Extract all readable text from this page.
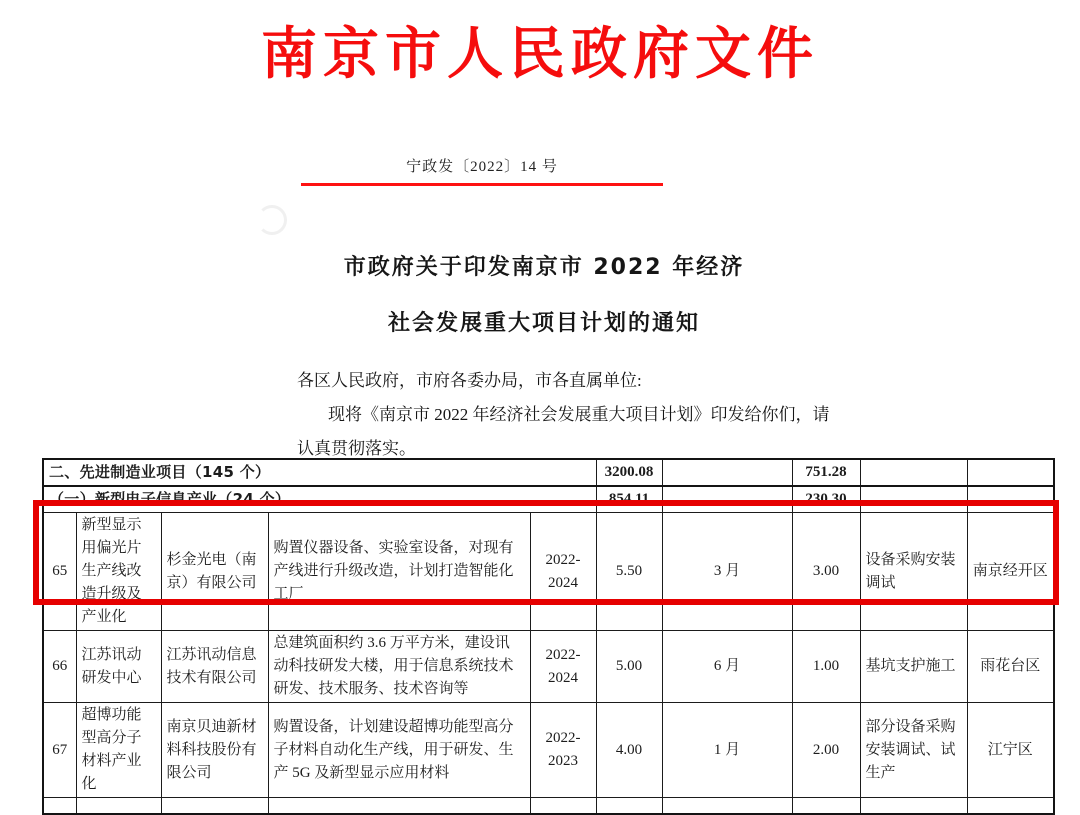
南京市人民政府文件
宁政发〔2022〕14 号
市政府关于印发南京市 2022 年经济
社会发展重大项目计划的通知
各区人民政府，市府各委办局，市各直属单位:
现将《南京市 2022 年经济社会发展重大项目计划》印发给你们，请
认真贯彻落实。
二、先进制造业项目（145 个）					3200.08		751.28		
（一）新型电子信息产业（24 个）					854.11		230.30		
65	新型显示用偏光片生产线改造升级及产业化	杉金光电（南京）有限公司	购置仪器设备、实验室设备，对现有产线进行升级改造，计划打造智能化工厂	2022-2024	5.50	3 月	3.00	设备采购安装调试	南京经开区
66	江苏讯动研发中心	江苏讯动信息技术有限公司	总建筑面积约 3.6 万平方米，建设讯动科技研发大楼，用于信息系统技术研发、技术服务、技术咨询等	2022-2024	5.00	6 月	1.00	基坑支护施工	雨花台区
67	超博功能型高分子材料产业化	南京贝迪新材料科技股份有限公司	购置设备，计划建设超博功能型高分子材料自动化生产线，用于研发、生产 5G 及新型显示应用材料	2022-2023	4.00	1 月	2.00	部分设备采购安装调试、试生产	江宁区
